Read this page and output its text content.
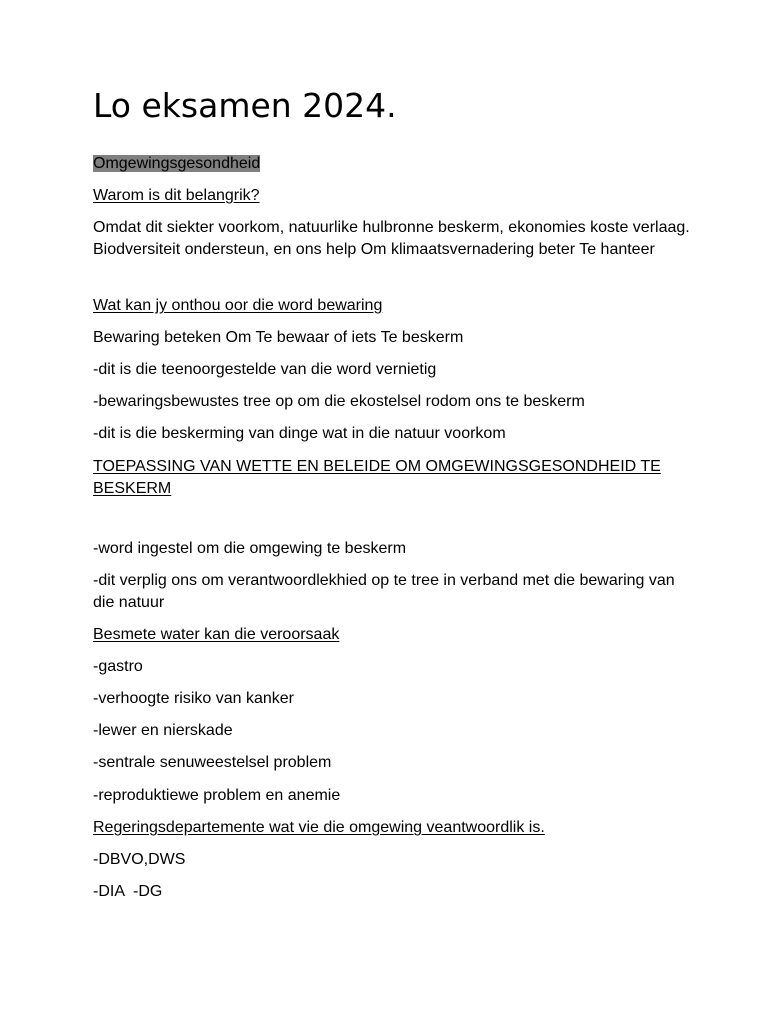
Lo eksamen 2024.

Omgewingsgesondheid

Warom is dit belangrik?

Omdat dit siekter voorkom, natuurlike hulbronne beskerm, ekonomies koste verlaag. Biodversiteit ondersteun, en ons help Om klimaatsvernadering beter Te hanteer

Wat kan jy onthou oor die word bewaring

Bewaring beteken Om Te bewaar of iets Te beskerm

-dit is die teenoorgestelde van die word vernietig

-bewaringsbewustes tree op om die ekostelsel rodom ons te beskerm

-dit is die beskerming van dinge wat in die natuur voorkom

TOEPASSING VAN WETTE EN BELEIDE OM OMGEWINGSGESONDHEID TE BESKERM

-word ingestel om die omgewing te beskerm

-dit verplig ons om verantwoordlekhied op te tree in verband met die bewaring van die natuur

Besmete water kan die veroorsaak

-gastro

-verhoogte risiko van kanker

-lewer en nierskade

-sentrale senuweestelsel problem

-reproduktiewe problem en anemie

Regeringsdepartemente wat vie die omgewing veantwoordlik is.

-DBVO,DWS

-DIA  -DG
